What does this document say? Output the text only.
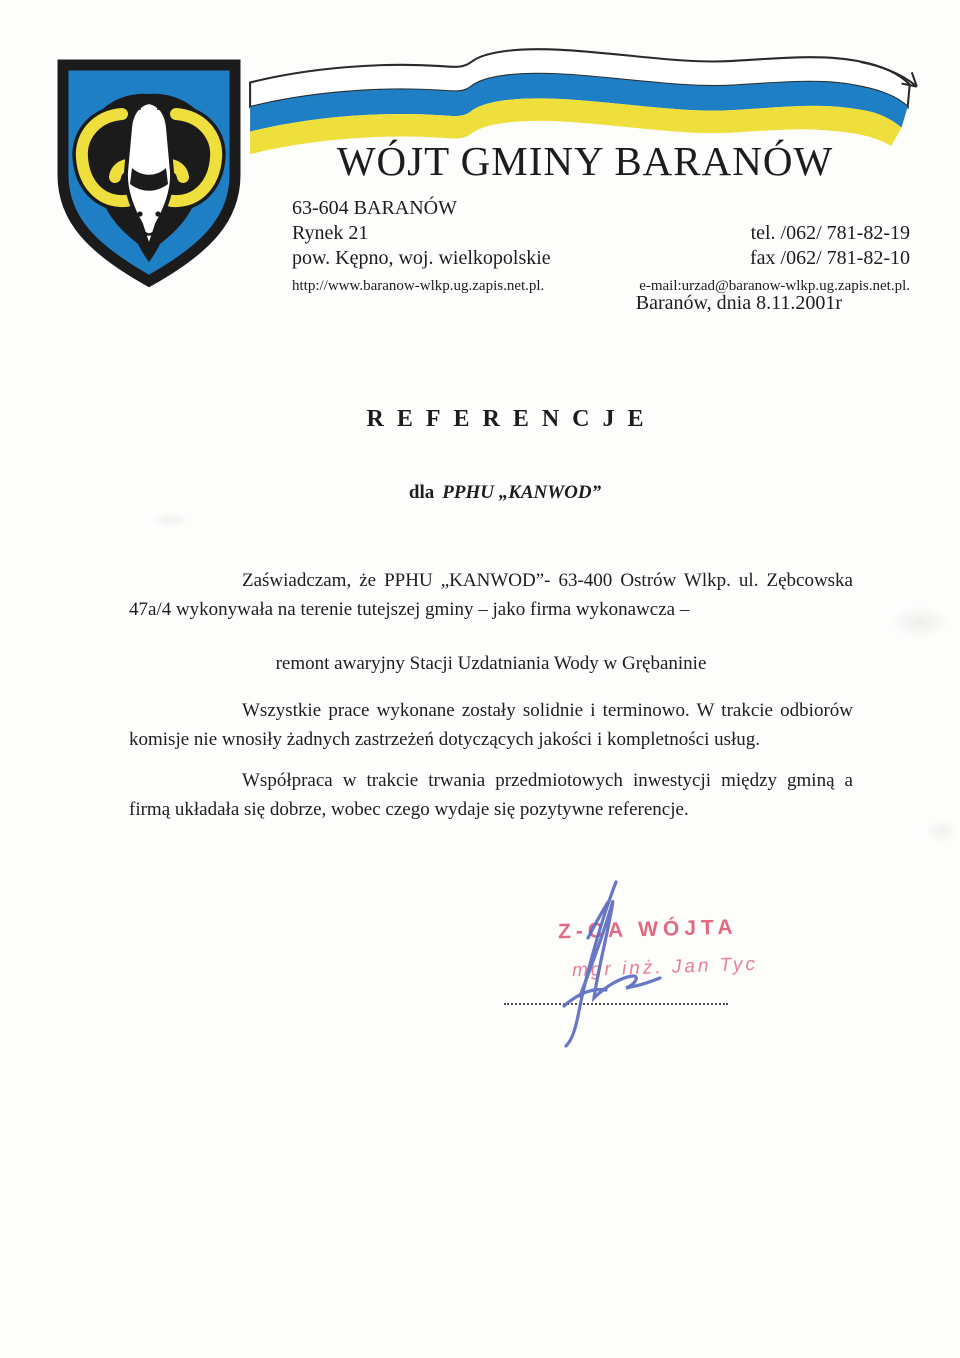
WÓJT GMINY BARANÓW
63-604 BARANÓW
Rynek 21
pow. Kępno, woj. wielkopolskie
http://www.baranow-wlkp.ug.zapis.net.pl.
tel. /062/ 781-82-19
fax /062/ 781-82-10
e-mail:urzad@baranow-wlkp.ug.zapis.net.pl.
Baranów, dnia 8.11.2001r
REFERENCJE
dla PPHU „KANWOD”

Zaświadczam, że PPHU „KANWOD”- 63-400 Ostrów Wlkp. ul. Zębcowska 47a/4 wykonywała na terenie tutejszej gminy – jako firma wykonawcza –

remont awaryjny Stacji Uzdatniania Wody w Grębaninie

Wszystkie prace wykonane zostały solidnie i terminowo. W trakcie odbiorów komisje nie wnosiły żadnych zastrzeżeń dotyczących jakości i kompletności usług.

Współpraca w trakcie trwania przedmiotowych inwestycji między gminą a firmą układała się dobrze, wobec czego wydaje się pozytywne referencje.

Z-CA WÓJTA
mgr inż. Jan Tyc
